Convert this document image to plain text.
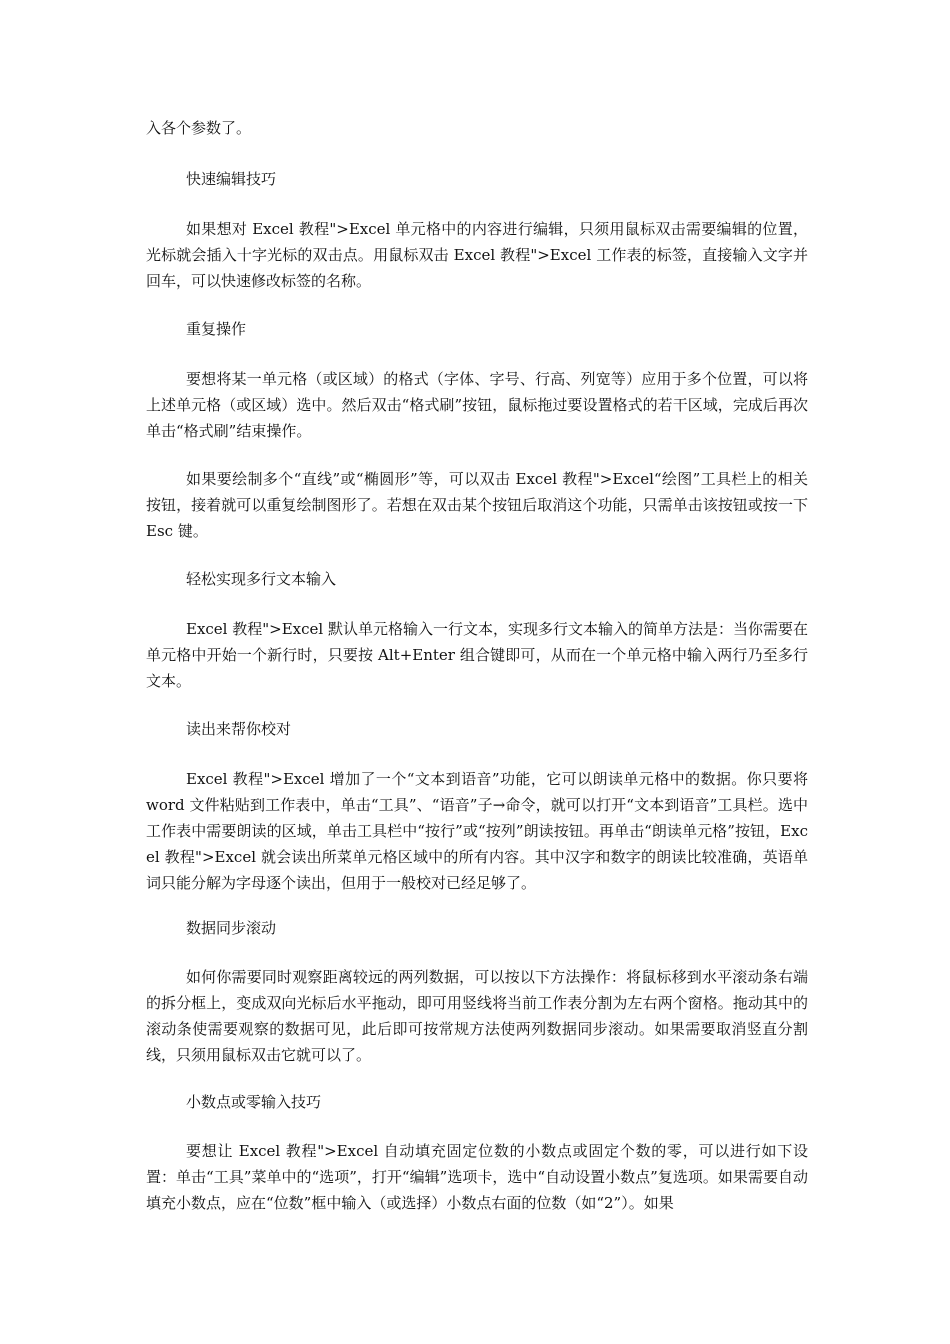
入各个参数了。

快速编辑技巧

如果想对 Excel 教程">Excel 单元格中的内容进行编辑，只须用鼠标双击需要编辑的位置，光标就会插入十字光标的双击点。用鼠标双击 Excel 教程">Excel 工作表的标签，直接输入文字并回车，可以快速修改标签的名称。

重复操作

要想将某一单元格（或区域）的格式（字体、字号、行高、列宽等）应用于多个位置，可以将上述单元格（或区域）选中。然后双击“格式刷”按钮，鼠标拖过要设置格式的若干区域，完成后再次单击“格式刷”结束操作。

如果要绘制多个“直线”或“椭圆形”等，可以双击 Excel 教程">Excel“绘图”工具栏上的相关按钮，接着就可以重复绘制图形了。若想在双击某个按钮后取消这个功能，只需单击该按钮或按一下 Esc 键。

轻松实现多行文本输入

Excel 教程">Excel 默认单元格输入一行文本，实现多行文本输入的简单方法是：当你需要在单元格中开始一个新行时，只要按 Alt+Enter 组合键即可，从而在一个单元格中输入两行乃至多行文本。

读出来帮你校对

Excel 教程">Excel 增加了一个“文本到语音”功能，它可以朗读单元格中的数据。你只要将 word 文件粘贴到工作表中，单击“工具”、“语音”子→命令，就可以打开“文本到语音”工具栏。选中工作表中需要朗读的区域，单击工具栏中“按行”或“按列”朗读按钮。再单击“朗读单元格”按钮，Excel 教程">Excel 就会读出所菜单元格区域中的所有内容。其中汉字和数字的朗读比较准确，英语单词只能分解为字母逐个读出，但用于一般校对已经足够了。

数据同步滚动

如何你需要同时观察距离较远的两列数据，可以按以下方法操作：将鼠标移到水平滚动条右端的拆分框上，变成双向光标后水平拖动，即可用竖线将当前工作表分割为左右两个窗格。拖动其中的滚动条使需要观察的数据可见，此后即可按常规方法使两列数据同步滚动。如果需要取消竖直分割线，只须用鼠标双击它就可以了。

小数点或零输入技巧

要想让 Excel 教程">Excel 自动填充固定位数的小数点或固定个数的零，可以进行如下设置：单击“工具”菜单中的“选项”，打开“编辑”选项卡，选中“自动设置小数点”复选项。如果需要自动填充小数点，应在“位数”框中输入（或选择）小数点右面的位数（如“2”）。如果
